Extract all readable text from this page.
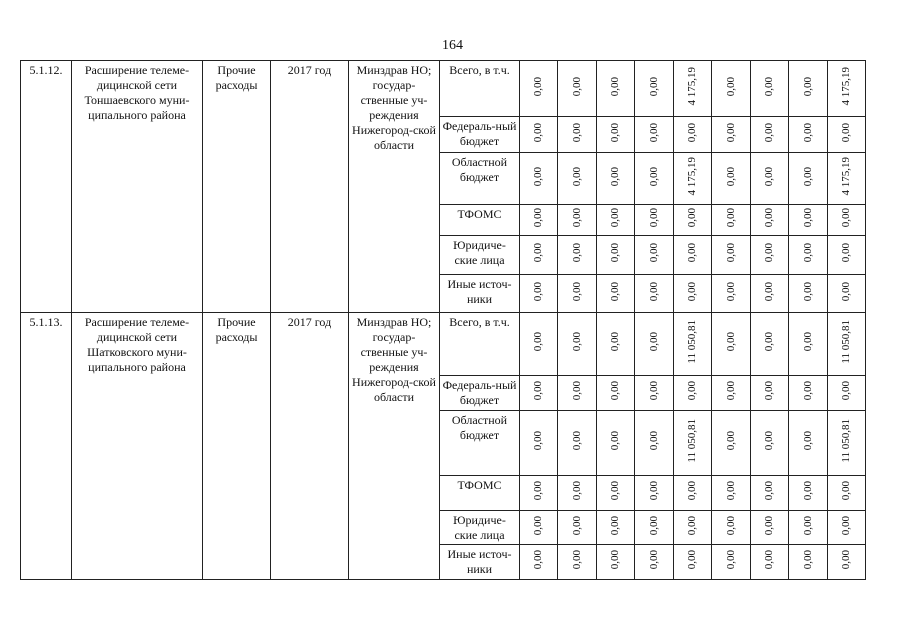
164
5.1.12.	Расширение телеме-дицинской сети Тоншаевского муни-ципального района	Прочие расходы	2017 год	Минздрав НО; государ-ственные уч-реждения Нижегород-ской области	Всего, в т.ч.	0,00	0,00	0,00	0,00	4 175,19	0,00	0,00	0,00	4 175,19
					Федераль-ный бюджет	0,00	0,00	0,00	0,00	0,00	0,00	0,00	0,00	0,00
					Областной бюджет	0,00	0,00	0,00	0,00	4 175,19	0,00	0,00	0,00	4 175,19
					ТФОМС	0,00	0,00	0,00	0,00	0,00	0,00	0,00	0,00	0,00
					Юридиче-ские лица	0,00	0,00	0,00	0,00	0,00	0,00	0,00	0,00	0,00
					Иные источ-ники	0,00	0,00	0,00	0,00	0,00	0,00	0,00	0,00	0,00
5.1.13.	Расширение телеме-дицинской сети Шатковского муни-ципального района	Прочие расходы	2017 год	Минздрав НО; государ-ственные уч-реждения Нижегород-ской области	Всего, в т.ч.	0,00	0,00	0,00	0,00	11 050,81	0,00	0,00	0,00	11 050,81
					Федераль-ный бюджет	0,00	0,00	0,00	0,00	0,00	0,00	0,00	0,00	0,00
					Областной бюджет	0,00	0,00	0,00	0,00	11 050,81	0,00	0,00	0,00	11 050,81
					ТФОМС	0,00	0,00	0,00	0,00	0,00	0,00	0,00	0,00	0,00
					Юридиче-ские лица	0,00	0,00	0,00	0,00	0,00	0,00	0,00	0,00	0,00
					Иные источ-ники	0,00	0,00	0,00	0,00	0,00	0,00	0,00	0,00	0,00
